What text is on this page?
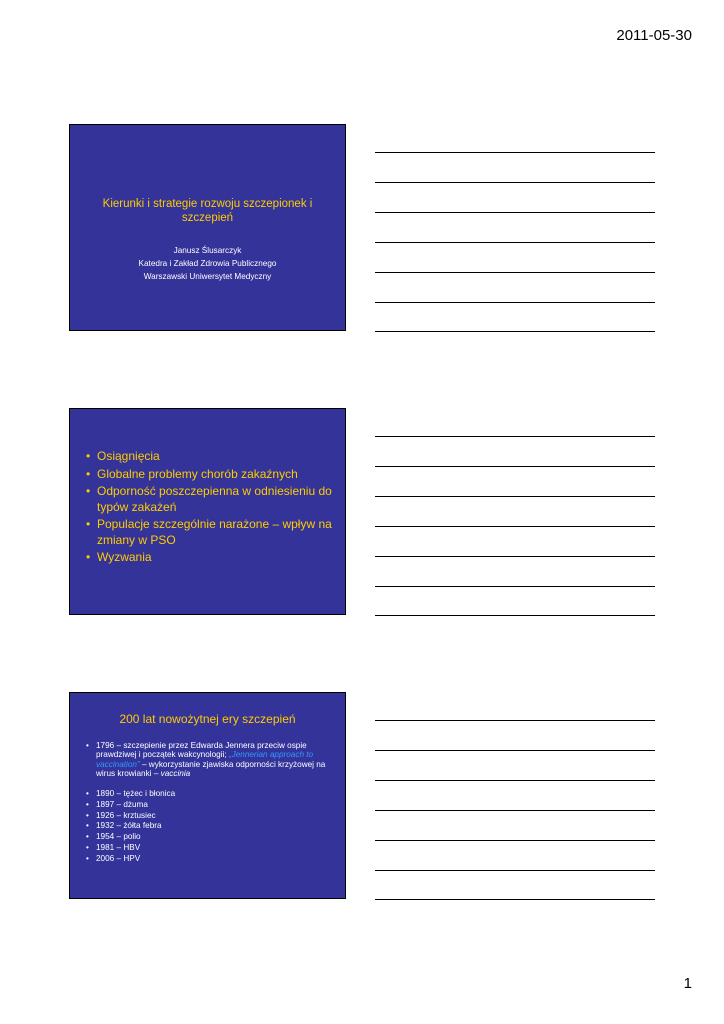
2011-05-30
Kierunki i strategie rozwoju szczepionek i szczepień
Janusz Ślusarczyk
Katedra i Zakład Zdrowia Publicznego
Warszawski Uniwersytet Medyczny
• Osiągnięcia
• Globalne problemy chorób zakaźnych
• Odporność poszczepienna w odniesieniu do typów zakażeń
• Populacje szczególnie narażone – wpływ na zmiany w PSO
• Wyzwania
200 lat nowożytnej ery szczepień
• 1796 – szczepienie przez Edwarda Jennera przeciw ospie prawdziwej i początek wakcynologii; „Jennerian approach to vaccination” – wykorzystanie zjawiska odporności krzyżowej na wirus krowianki – vaccinia
• 1890 – tężec i błonica
• 1897 – dżuma
• 1926 – krztusiec
• 1932 – żółta febra
• 1954 – polio
• 1981 – HBV
• 2006 – HPV
1
